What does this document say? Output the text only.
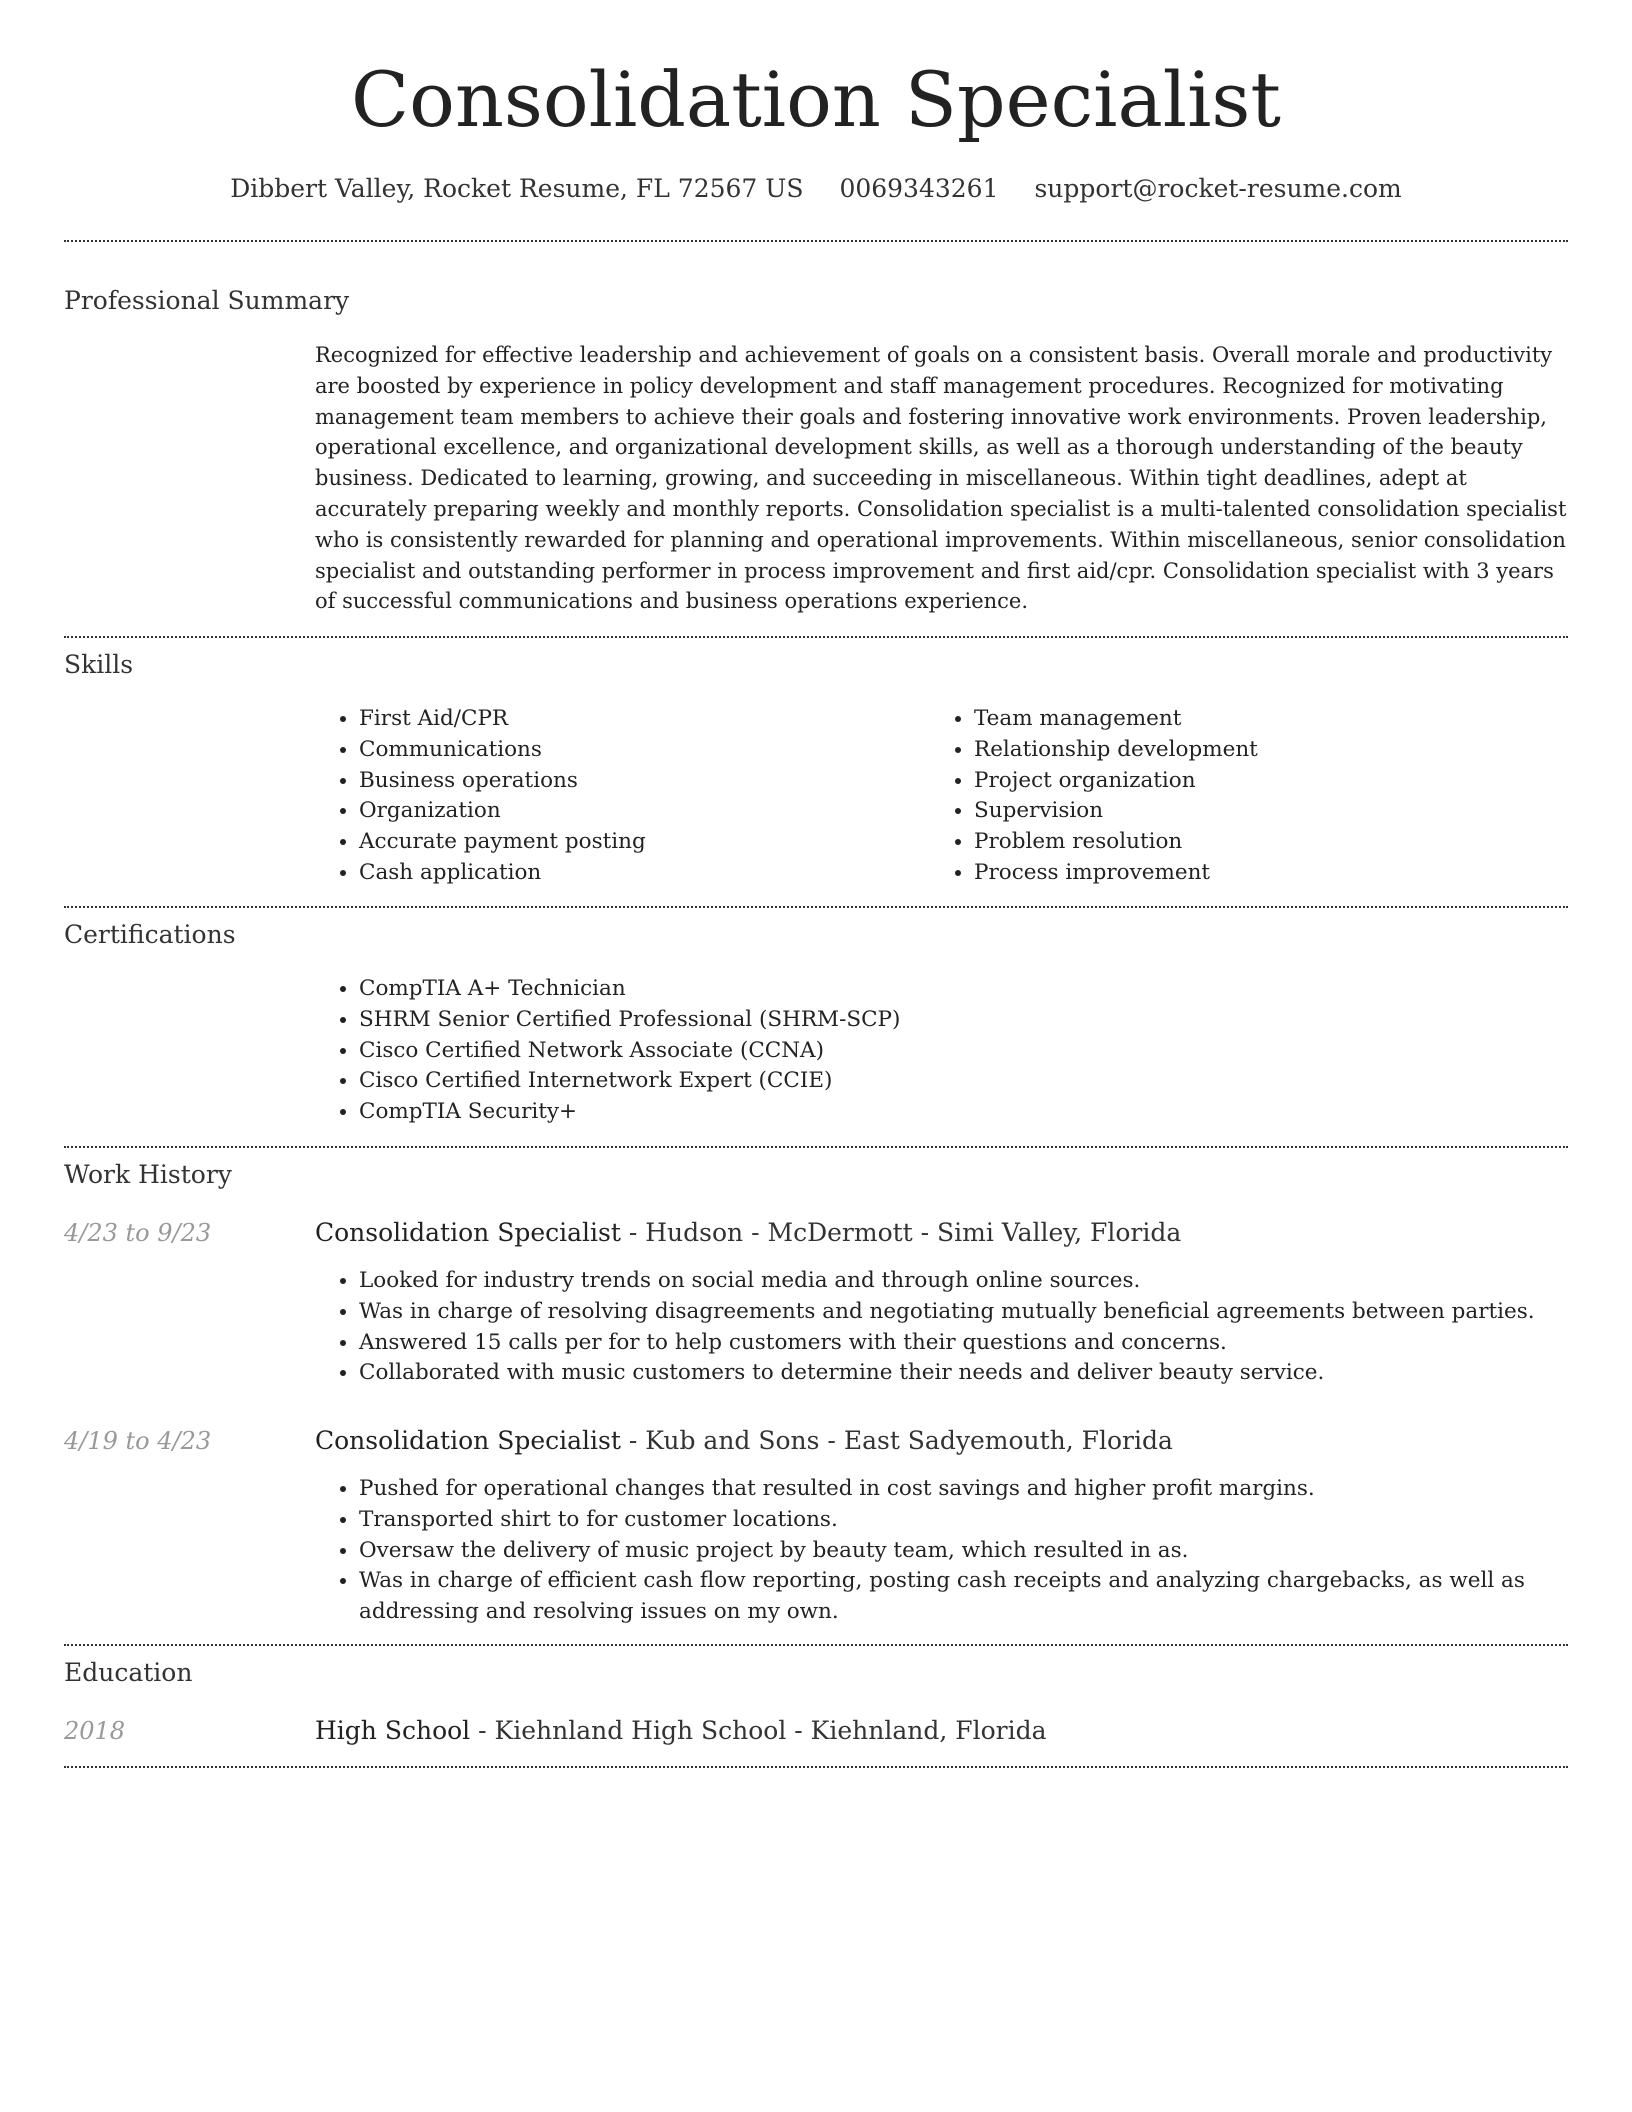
Consolidation Specialist
Dibbert Valley, Rocket Resume, FL 72567 US 0069343261 support@rocket-resume.com
Professional Summary

Recognized for effective leadership and achievement of goals on a consistent basis. Overall morale and productivity are boosted by experience in policy development and staff management procedures. Recognized for motivating management team members to achieve their goals and fostering innovative work environments. Proven leadership, operational excellence, and organizational development skills, as well as a thorough understanding of the beauty business. Dedicated to learning, growing, and succeeding in miscellaneous. Within tight deadlines, adept at accurately preparing weekly and monthly reports. Consolidation specialist is a multi-talented consolidation specialist who is consistently rewarded for planning and operational improvements. Within miscellaneous, senior consolidation specialist and outstanding performer in process improvement and first aid/cpr. Consolidation specialist with 3 years of successful communications and business operations experience.

Skills
• First Aid/CPR
• Communications
• Business operations
• Organization
• Accurate payment posting
• Cash application
• Team management
• Relationship development
• Project organization
• Supervision
• Problem resolution
• Process improvement
Certifications
• CompTIA A+ Technician
• SHRM Senior Certified Professional (SHRM-SCP)
• Cisco Certified Network Associate (CCNA)
• Cisco Certified Internetwork Expert (CCIE)
• CompTIA Security+
Work History
4/23 to 9/23	Consolidation Specialist - Hudson - McDermott - Simi Valley, Florida
• Looked for industry trends on social media and through online sources.
• Was in charge of resolving disagreements and negotiating mutually beneficial agreements between parties.
• Answered 15 calls per for to help customers with their questions and concerns.
• Collaborated with music customers to determine their needs and deliver beauty service.
4/19 to 4/23	Consolidation Specialist - Kub and Sons - East Sadyemouth, Florida
• Pushed for operational changes that resulted in cost savings and higher profit margins.
• Transported shirt to for customer locations.
• Oversaw the delivery of music project by beauty team, which resulted in as.
• Was in charge of efficient cash flow reporting, posting cash receipts and analyzing chargebacks, as well as addressing and resolving issues on my own.
Education
2018	High School - Kiehnland High School - Kiehnland, Florida
